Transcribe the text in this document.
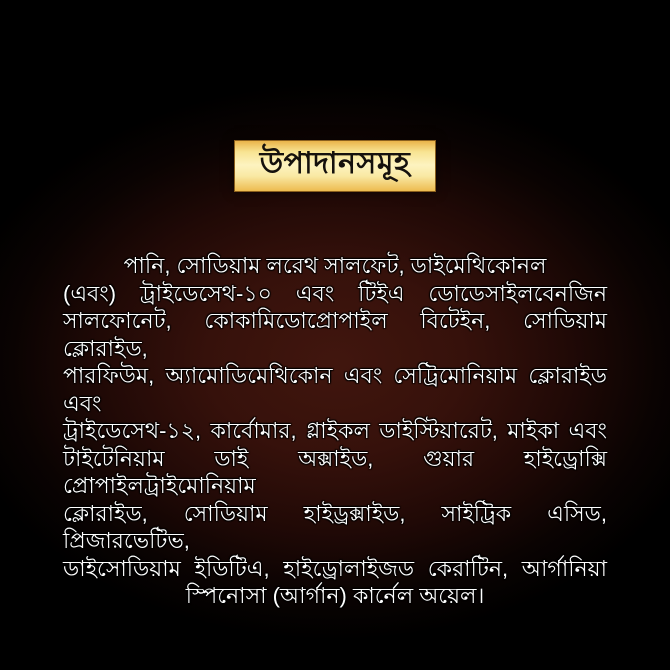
উপাদানসমূহ
পানি, সোডিয়াম লরেথ সালফেট, ডাইমেথিকোনল
(এবং) ট্রাইডেসেথ-১০ এবং টিইএ ডোডেসাইলবেনজিন
সালফোনেট, কোকামিডোপ্রোপাইল বিটেইন, সোডিয়াম ক্লোরাইড,
পারফিউম, অ্যামোডিমেথিকোন এবং সেট্রিমোনিয়াম ক্লোরাইড এবং
ট্রাইডেসেথ-১২, কার্বোমার, গ্লাইকল ডাইস্টিয়ারেট, মাইকা এবং
টাইটেনিয়াম ডাই অক্সাইড, গুয়ার হাইড্রোক্সি প্রোপাইলট্রাইমোনিয়াম
ক্লোরাইড, সোডিয়াম হাইড্রক্সাইড, সাইট্রিক এসিড, প্রিজারভেটিভ,
ডাইসোডিয়াম ইডিটিএ, হাইড্রোলাইজড কেরাটিন, আর্গানিয়া
স্পিনোসা (আর্গান) কার্নেল অয়েল।
